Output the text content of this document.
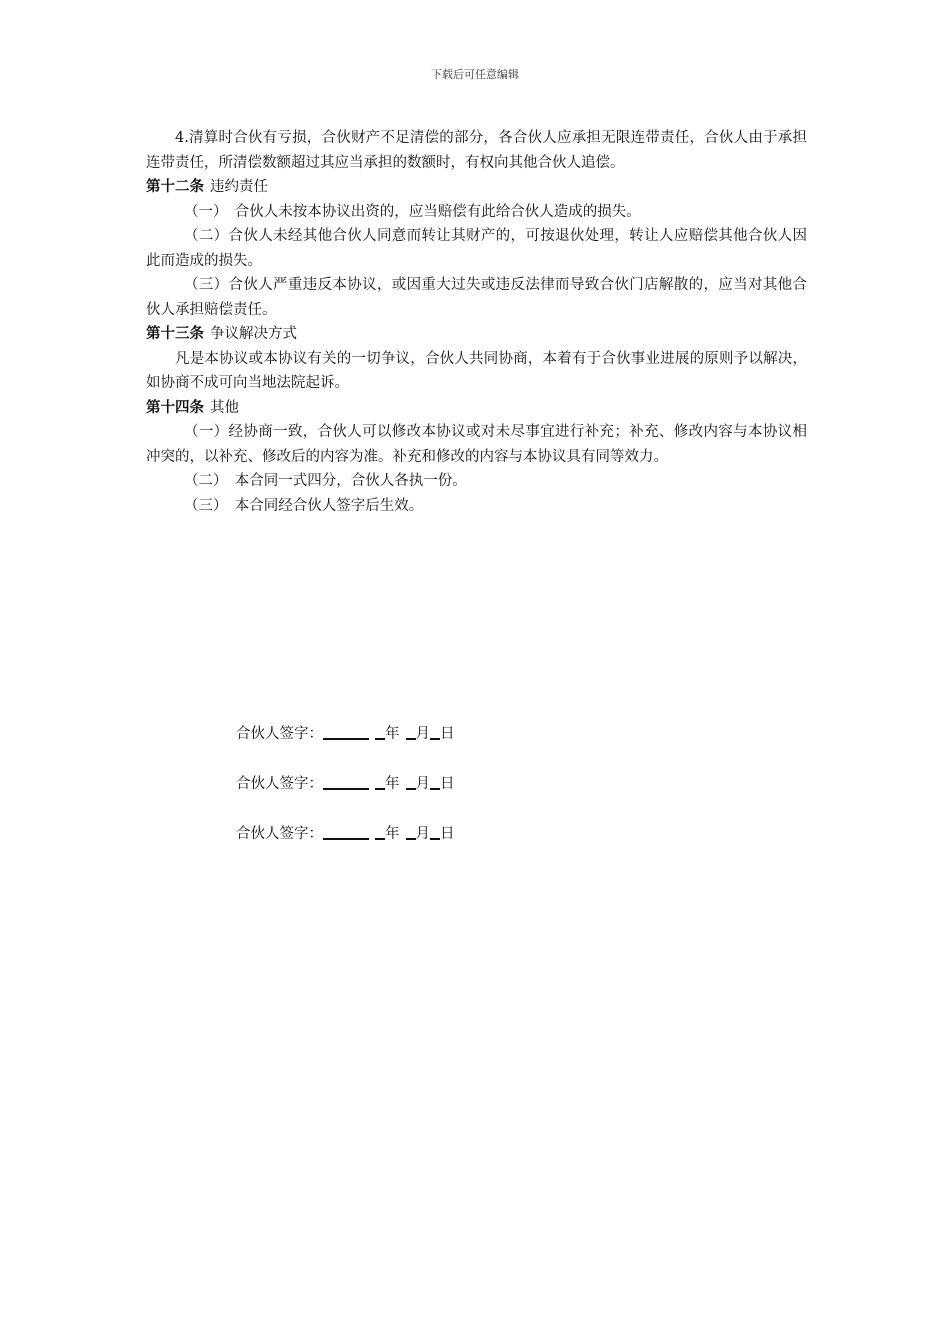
下载后可任意编辑

4.清算时合伙有亏损，合伙财产不足清偿的部分，各合伙人应承担无限连带责任，合伙人由于承担连带责任，所清偿数额超过其应当承担的数额时，有权向其他合伙人追偿。

第十二条 违约责任

（一）　合伙人未按本协议出资的，应当赔偿有此给合伙人造成的损失。

（二）合伙人未经其他合伙人同意而转让其财产的，可按退伙处理，转让人应赔偿其他合伙人因此而造成的损失。

（三）合伙人严重违反本协议，或因重大过失或违反法律而导致合伙门店解散的，应当对其他合伙人承担赔偿责任。

第十三条 争议解决方式

凡是本协议或本协议有关的一切争议，合伙人共同协商，本着有于合伙事业进展的原则予以解决，如协商不成可向当地法院起诉。

第十四条 其他

（一）经协商一致，合伙人可以修改本协议或对未尽事宜进行补充；补充、修改内容与本协议相冲突的，以补充、修改后的内容为准。补充和修改的内容与本协议具有同等效力。

（二）　本合同一式四分，合伙人各执一份。

（三）　本合同经合伙人签字后生效。

合伙人签字：	年 月 日
合伙人签字：	年 月 日
合伙人签字：	年 月 日
